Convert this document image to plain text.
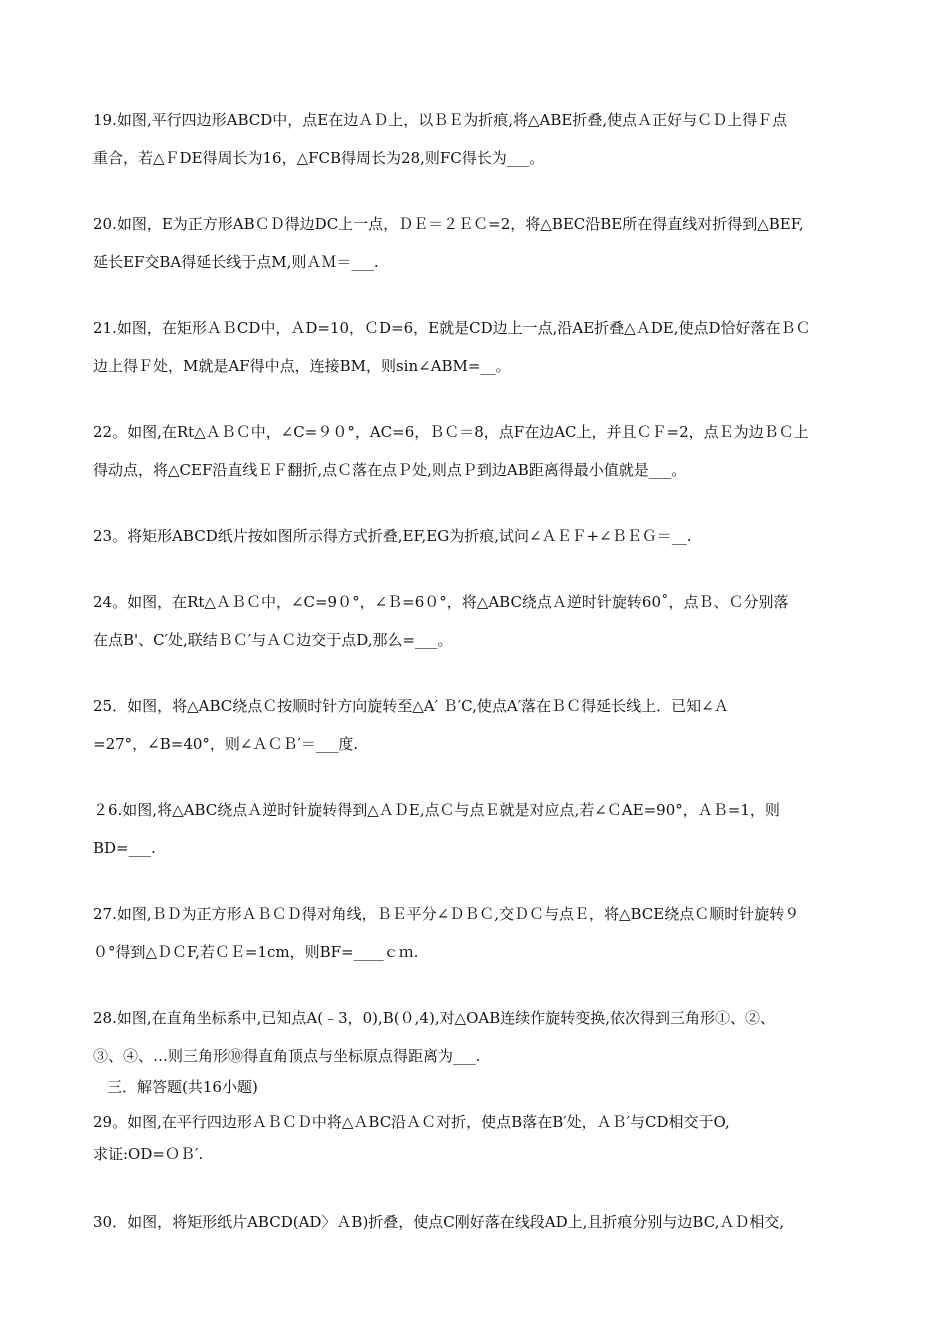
19.如图,平行四边形ABCD中，点E在边ＡＤ上，以ＢＥ为折痕,将△ABE折叠,使点Ａ正好与ＣＤ上得Ｆ点
重合，若△ＦDE得周长为16，△FCB得周长为28,则FC得长为___。
20.如图，E为正方形ABＣＤ得边DC上一点，ＤＥ＝２ＥＣ=2，将△BEC沿BE所在得直线对折得到△BEF,
延长EF交BA得延长线于点M,则ＡＭ＝___.
21.如图，在矩形ＡＢCD中，ＡD=10，ＣD=6，E就是CD边上一点,沿AE折叠△ＡDE,使点D恰好落在ＢＣ
边上得Ｆ处，M就是AF得中点，连接BM，则sin∠ABM=__。
22。如图,在Rt△ＡＢＣ中，∠C=９０°，AC=6，ＢＣ＝8，点F在边AC上，并且ＣＦ=2，点Ｅ为边ＢＣ上
得动点，将△CEF沿直线ＥＦ翻折,点Ｃ落在点Ｐ处,则点Ｐ到边AB距离得最小值就是___。
23。将矩形ABCD纸片按如图所示得方式折叠,EF,EG为折痕,试问∠ＡＥＦ+∠ＢＥＧ＝__.
24。如图，在Rt△ＡＢＣ中，∠C=9０°，∠Ｂ=6０°，将△ABC绕点Ａ逆时针旋转60˚，点Ｂ、Ｃ分别落
在点B'、C′处,联结ＢＣ′与ＡＣ边交于点D,那么=___。
25．如图，将△ABC绕点Ｃ按顺时针方向旋转至△A′ Ｂ′C,使点A′落在ＢＣ得延长线上．已知∠Ａ
=27°，∠B=40°，则∠ＡＣＢ′＝___度.
２6.如图,将△ABC绕点Ａ逆时针旋转得到△ＡＤE,点Ｃ与点Ｅ就是对应点,若∠ＣAE=90°，ＡＢ=1，则
BD=___.
27.如图,ＢＤ为正方形ＡＢＣＤ得对角线，ＢＥ平分∠ＤＢＣ,交ＤＣ与点Ｅ，将△BCE绕点Ｃ顺时针旋转９
０°得到△ＤＣF,若ＣＥ=1cm，则BF=____ｃｍ.
28.如图,在直角坐标系中,已知点A(﹣3，0),B(０,4),对△OAB连续作旋转变换,依次得到三角形①、②、
③、④、…则三角形⑩得直角顶点与坐标原点得距离为___.
三．解答题(共16小题)
29。如图,在平行四边形ＡＢＣＤ中将△ＡBC沿ＡＣ对折，使点B落在B′处，ＡＢ′与CD相交于O,
求证:OD=ＯＢ′.
30．如图，将矩形纸片ABCD(AD〉ＡB)折叠，使点C刚好落在线段AD上,且折痕分别与边BC,ＡＤ相交,
